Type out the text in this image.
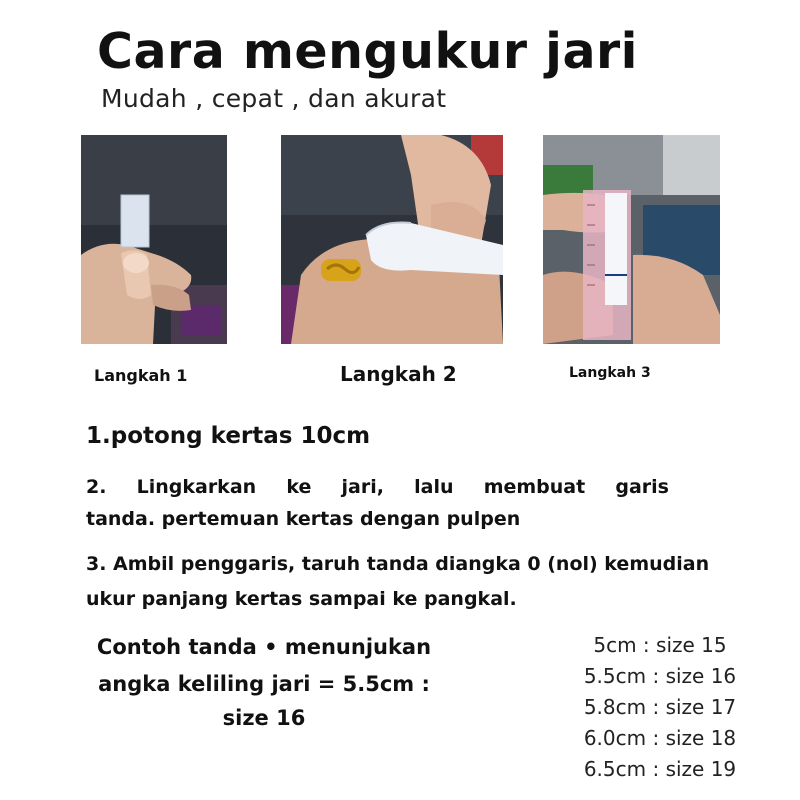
Cara mengukur jari
Mudah , cepat , dan akurat
Langkah 1	Langkah 2	Langkah 3
1.potong kertas 10cm
2. Lingkarkan ke jari, lalu membuat garis
tanda. pertemuan kertas dengan pulpen
3. Ambil penggaris, taruh tanda diangka 0 (nol) kemudian
ukur panjang kertas sampai ke pangkal.
Contoh tanda • menunjukan
angka keliling jari = 5.5cm :
size 16
5cm : size 15
5.5cm : size 16
5.8cm : size 17
6.0cm : size 18
6.5cm : size 19
